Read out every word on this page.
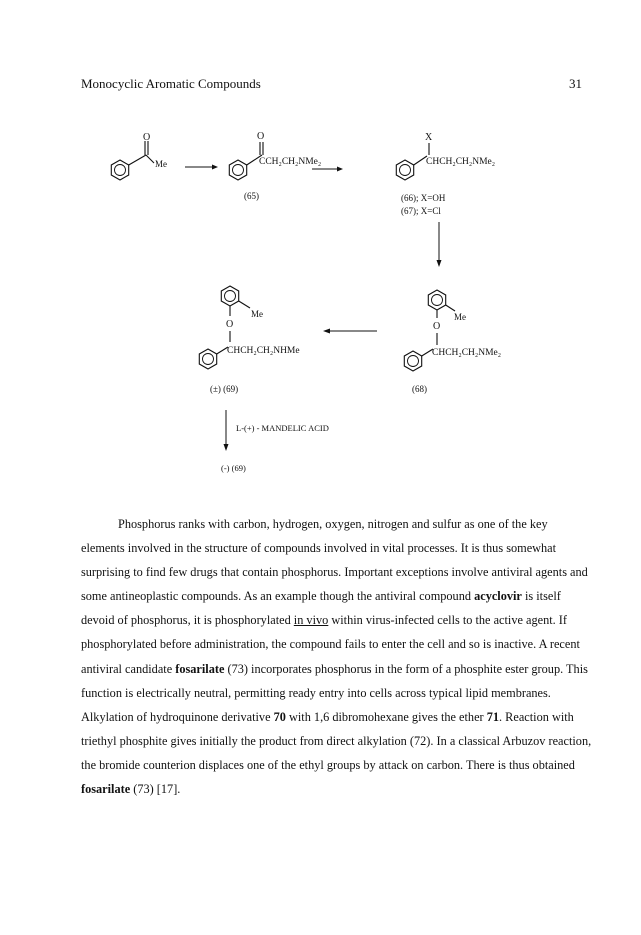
Monocyclic Aromatic Compounds	31
O
Me
O
CCH₂CH₂NMe₂
(65)
X
CHCH₂CH₂NMe₂
(66); X=OH
(67); X=Cl
Me
O
CHCH₂CH₂NMe₂
(68)
Me
O
CHCH₂CH₂NHMe
(±) (69)
L-(+) - MANDELIC ACID
(-) (69)

Phosphorus ranks with carbon, hydrogen, oxygen, nitrogen and sulfur as one of the key elements involved in the structure of compounds involved in vital processes. It is thus somewhat surprising to find few drugs that contain phosphorus. Important exceptions involve antiviral agents and some antineoplastic compounds. As an example though the antiviral compound acyclovir is itself devoid of phosphorus, it is phosphorylated in vivo within virus-infected cells to the active agent. If phosphorylated before administration, the compound fails to enter the cell and so is inactive. A recent antiviral candidate fosarilate (73) incorporates phosphorus in the form of a phosphite ester group. This function is electrically neutral, permitting ready entry into cells across typical lipid membranes. Alkylation of hydroquinone derivative 70 with 1,6 dibromohexane gives the ether 71. Reaction with triethyl phosphite gives initially the product from direct alkylation (72). In a classical Arbuzov reaction, the bromide counterion displaces one of the ethyl groups by attack on carbon. There is thus obtained fosarilate (73) [17].
